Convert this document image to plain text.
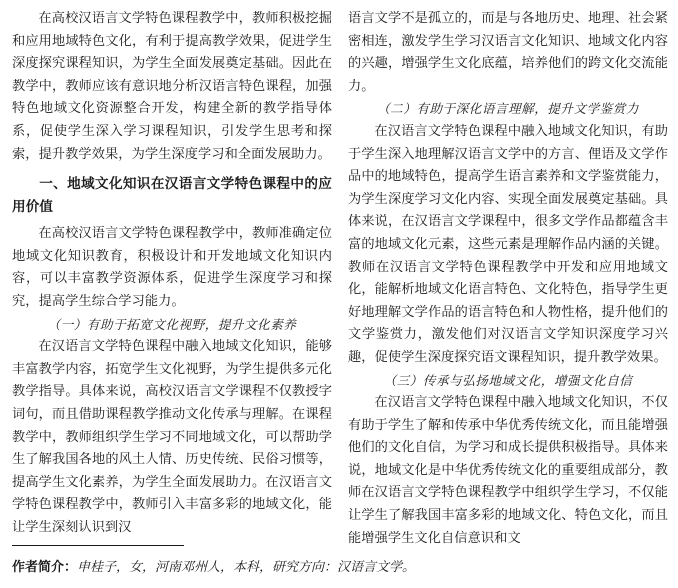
在高校汉语言文学特色课程教学中，教师积极挖掘和应用地域特色文化，有利于提高教学效果，促进学生深度探究课程知识，为学生全面发展奠定基础。因此在教学中，教师应该有意识地分析汉语言特色课程，加强特色地域文化资源整合开发，构建全新的教学指导体系，促使学生深入学习课程知识，引发学生思考和探索，提升教学效果，为学生深度学习和全面发展助力。

一、地域文化知识在汉语言文学特色课程中的应用价值

在高校汉语言文学特色课程教学中，教师准确定位地域文化知识教育，积极设计和开发地域文化知识内容，可以丰富教学资源体系，促进学生深度学习和探究，提高学生综合学习能力。

（一）有助于拓宽文化视野，提升文化素养

在汉语言文学特色课程中融入地域文化知识，能够丰富教学内容，拓宽学生文化视野，为学生提供多元化教学指导。具体来说，高校汉语言文学课程不仅教授字词句，而且借助课程教学推动文化传承与理解。在课程教学中，教师组织学生学习不同地域文化，可以帮助学生了解我国各地的风土人情、历史传统、民俗习惯等，提高学生文化素养，为学生全面发展助力。在汉语言文学特色课程教学中，教师引入丰富多彩的地域文化，能让学生深刻认识到汉

语言文学不是孤立的，而是与各地历史、地理、社会紧密相连，激发学生学习汉语言文化知识、地域文化内容的兴趣，增强学生文化底蕴，培养他们的跨文化交流能力。

（二）有助于深化语言理解，提升文学鉴赏力

在汉语言文学特色课程中融入地域文化知识，有助于学生深入地理解汉语言文学中的方言、俚语及文学作品中的地域特色，提高学生语言素养和文学鉴赏能力，为学生深度学习文化内容、实现全面发展奠定基础。具体来说，在汉语言文学课程中，很多文学作品都蕴含丰富的地域文化元素，这些元素是理解作品内涵的关键。教师在汉语言文学特色课程教学中开发和应用地域文化，能解析地域文化语言特色、文化特色，指导学生更好地理解文学作品的语言特色和人物性格，提升他们的文学鉴赏力，激发他们对汉语言文学知识深度学习兴趣，促使学生深度探究语文课程知识，提升教学效果。

（三）传承与弘扬地域文化，增强文化自信

在汉语言文学特色课程中融入地域文化知识，不仅有助于学生了解和传承中华优秀传统文化，而且能增强他们的文化自信，为学习和成长提供积极指导。具体来说，地域文化是中华优秀传统文化的重要组成部分，教师在汉语言文学特色课程教学中组织学生学习，不仅能让学生了解我国丰富多彩的地域文化、特色文化，而且能增强学生文化自信意识和文

作者简介：申桂子，女，河南邓州人，本科，研究方向：汉语言文学。
